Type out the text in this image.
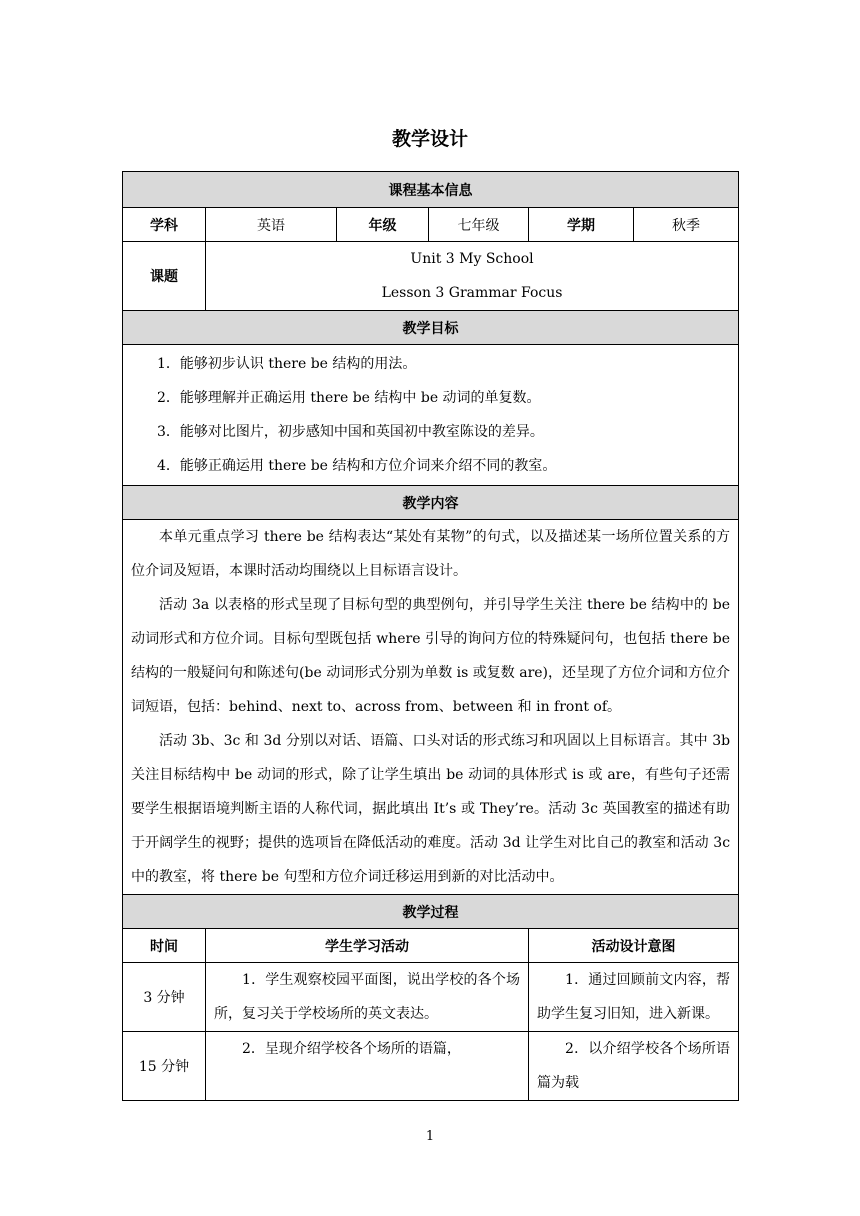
教学设计
课程基本信息					
学科	英语	年级	七年级	学期	秋季
课题	Unit 3 My School
Lesson 3 Grammar Focus				

教学目标					

1．能够初步认识 there be 结构的用法。
2．能够理解并正确运用 there be 结构中 be 动词的单复数。
3．能够对比图片，初步感知中国和英国初中教室陈设的差异。
4．能够正确运用 there be 结构和方位介词来介绍不同的教室。					

教学内容					

本单元重点学习 there be 结构表达“某处有某物”的句式，以及描述某一场所位置关系的方位介词及短语，本课时活动均围绕以上目标语言设计。

活动 3a 以表格的形式呈现了目标句型的典型例句，并引导学生关注 there be 结构中的 be 动词形式和方位介词。目标句型既包括 where 引导的询问方位的特殊疑问句，也包括 there be 结构的一般疑问句和陈述句(be 动词形式分别为单数 is 或复数 are)，还呈现了方位介词和方位介词短语，包括：behind、next to、across from、between 和 in front of。

活动 3b、3c 和 3d 分别以对话、语篇、口头对话的形式练习和巩固以上目标语言。其中 3b 关注目标结构中 be 动词的形式，除了让学生填出 be 动词的具体形式 is 或 are，有些句子还需要学生根据语境判断主语的人称代词，据此填出 It’s 或 They’re。活动 3c 英国教室的描述有助于开阔学生的视野；提供的选项旨在降低活动的难度。活动 3d 让学生对比自己的教室和活动 3c 中的教室，将 there be 句型和方位介词迁移运用到新的对比活动中。					

教学过程					
时间	学生学习活动			活动设计意图	
3 分钟	1．学生观察校园平面图，说出学校的各个场所，复习关于学校场所的英文表达。			1．通过回顾前文内容，帮助学生复习旧知，进入新课。	

15 分钟	2．呈现介绍学校各个场所的语篇，			2．以介绍学校各个场所语篇为载	

1
